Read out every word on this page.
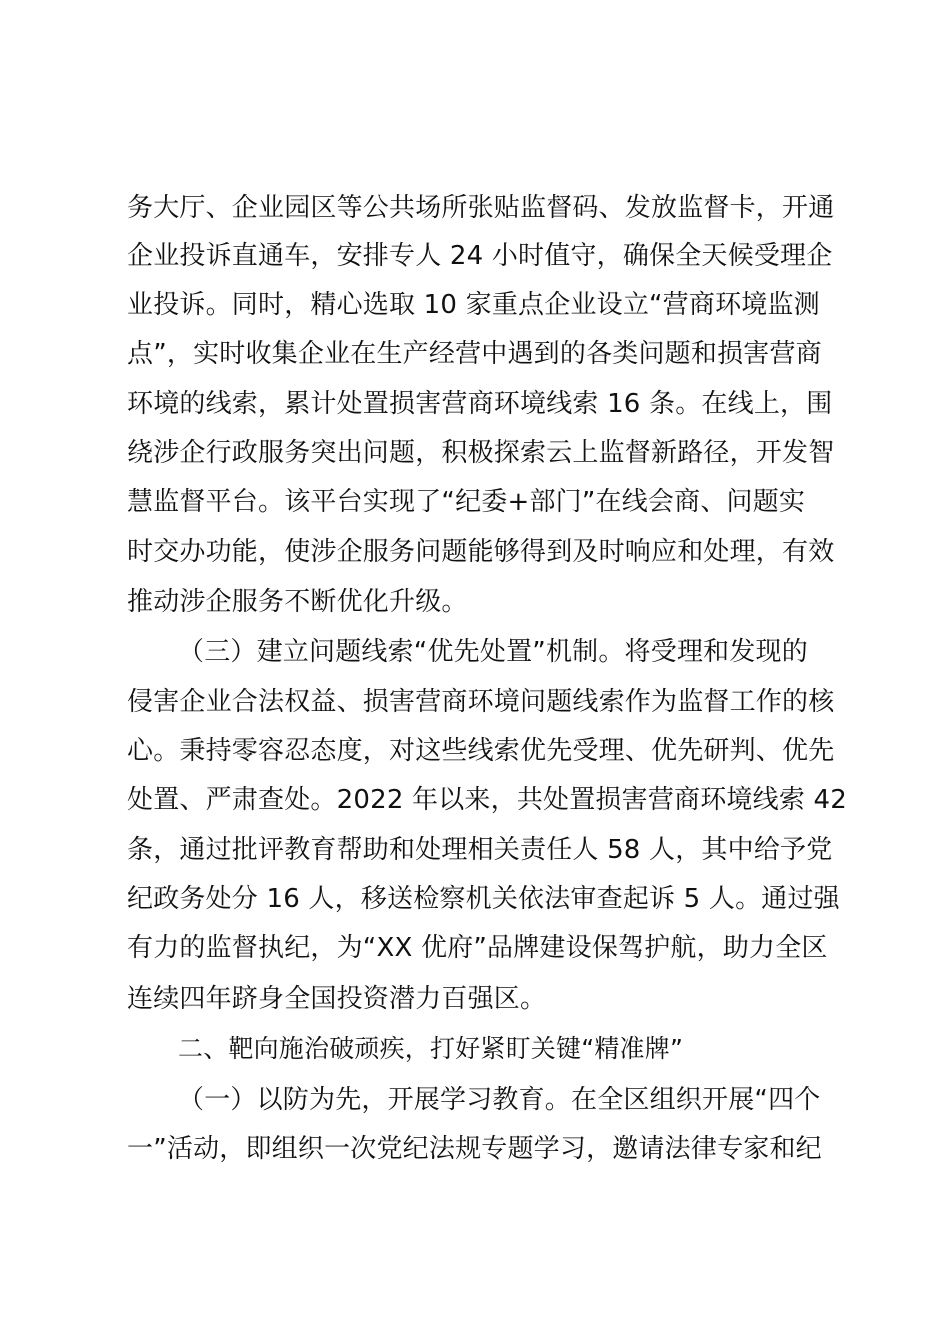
务大厅、企业园区等公共场所张贴监督码、发放监督卡，开通
企业投诉直通车，安排专人 24 小时值守，确保全天候受理企
业投诉。同时，精心选取 10 家重点企业设立“营商环境监测
点”，实时收集企业在生产经营中遇到的各类问题和损害营商
环境的线索，累计处置损害营商环境线索 16 条。在线上，围
绕涉企行政服务突出问题，积极探索云上监督新路径，开发智
慧监督平台。该平台实现了“纪委+部门”在线会商、问题实
时交办功能，使涉企服务问题能够得到及时响应和处理，有效
推动涉企服务不断优化升级。
（三）建立问题线索“优先处置”机制。将受理和发现的
侵害企业合法权益、损害营商环境问题线索作为监督工作的核
心。秉持零容忍态度，对这些线索优先受理、优先研判、优先
处置、严肃查处。2022 年以来，共处置损害营商环境线索 42
条，通过批评教育帮助和处理相关责任人 58 人，其中给予党
纪政务处分 16 人，移送检察机关依法审查起诉 5 人。通过强
有力的监督执纪，为“XX 优府”品牌建设保驾护航，助力全区
连续四年跻身全国投资潜力百强区。
二、靶向施治破顽疾，打好紧盯关键“精准牌”
（一）以防为先，开展学习教育。在全区组织开展“四个
一”活动，即组织一次党纪法规专题学习，邀请法律专家和纪
